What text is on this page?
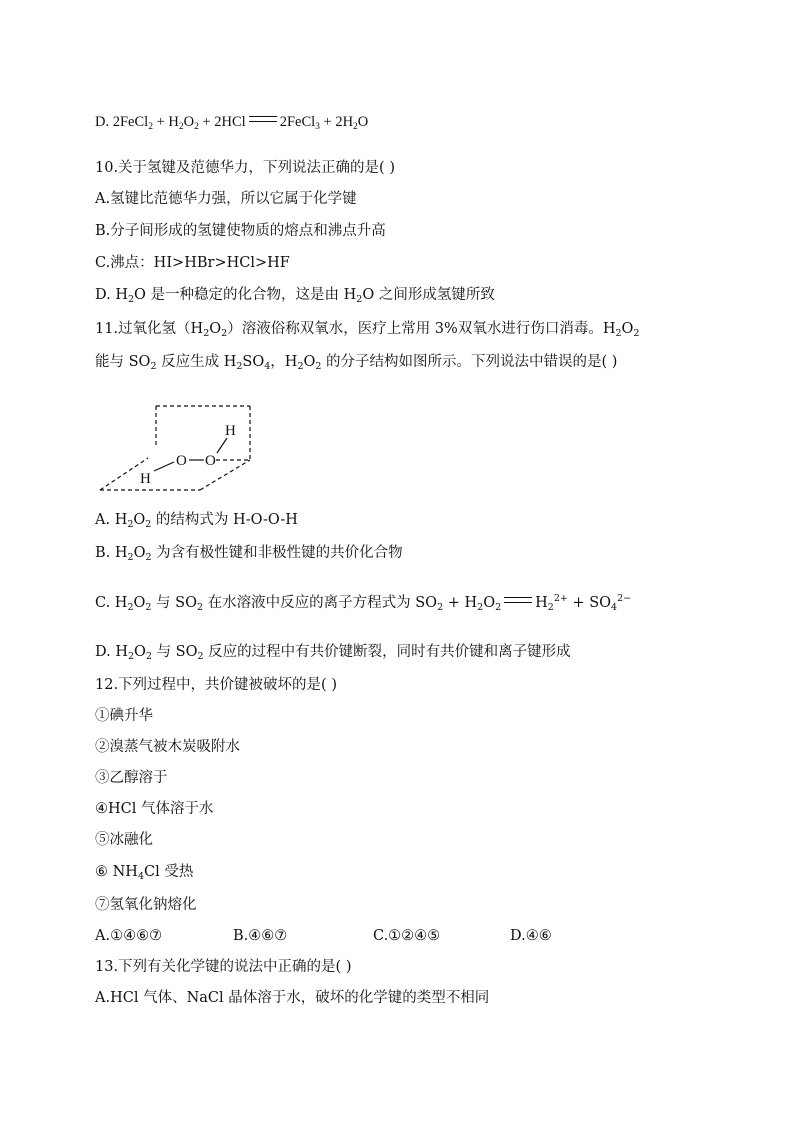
D. 2FeCl$_2$ + $H_2O_2 + 2HCl$ 2FeCl$_3$ + $2H_2O$
10.关于氢键及范德华力，下列说法正确的是( )
A.氢键比范德华力强，所以它属于化学键
B.分子间形成的氢键使物质的熔点和沸点升高
C.沸点：HI>HBr>HCl>HF
D. $H_2O$ 是一种稳定的化合物，这是由 $H_2O$ 之间形成氢键所致
11.过氧化氢$(H_2O_2)$溶液俗称双氧水，医疗上常用 3%双氧水进行伤口消毒。$H_2O_2$
能与 $SO_2$ 反应生成 $H_2SO_4$，$H_2O_2$ 的分子结构如图所示。下列说法中错误的是( )
H
O O
H
A. $H_2O_2$ 的结构式为 H-O-O-H
B. $H_2O_2$ 为含有极性键和非极性键的共价化合物
C. $H_2O_2$ 与 $SO_2$ 在水溶液中反应的离子方程式为 $SO_2 + H_2O_2$ $H_2^{2+} + SO_4^{2-}$
D. $H_2O_2$ 与 $SO_2$ 反应的过程中有共价键断裂，同时有共价键和离子键形成
12.下列过程中，共价键被破坏的是( )
①碘升华
②溴蒸气被木炭吸附水
③乙醇溶于
④HCl 气体溶于水
⑤冰融化
⑥ $NH_4Cl$ 受热
⑦氢氧化钠熔化
A.①④⑥⑦	B.④⑥⑦	C.①②④⑤	D.④⑥
13.下列有关化学键的说法中正确的是( )
A.HCl 气体、NaCl 晶体溶于水，破坏的化学键的类型不相同
